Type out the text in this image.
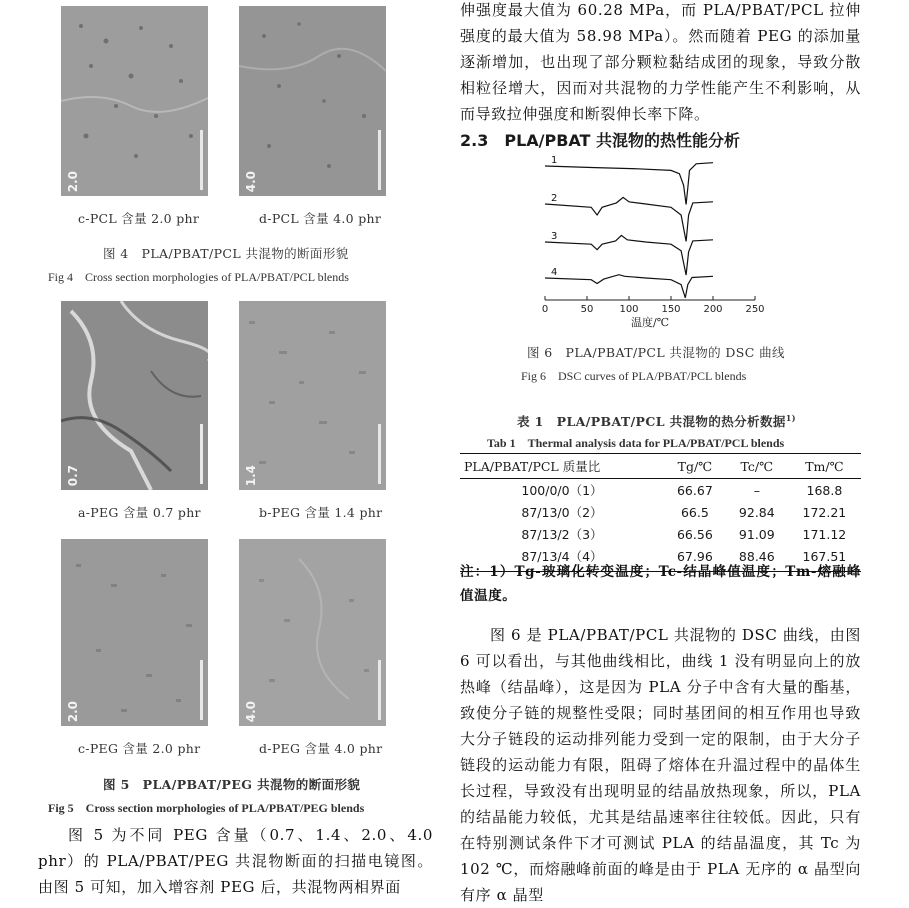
2.0	4.0
c-PCL 含量 2.0 phr	d-PCL 含量 4.0 phr
图 4　PLA/PBAT/PCL 共混物的断面形貌
Fig 4　Cross section morphologies of PLA/PBAT/PCL blends
0.7	1.4
a-PEG 含量 0.7 phr	b-PEG 含量 1.4 phr
2.0	4.0
c-PEG 含量 2.0 phr	d-PEG 含量 4.0 phr
图 5　PLA/PBAT/PEG 共混物的断面形貌
Fig 5　Cross section morphologies of PLA/PBAT/PEG blends
图 5 为不同 PEG 含量（0.7、1.4、2.0、4.0 phr）的 PLA/PBAT/PEG 共混物断面的扫描电镜图。由图 5 可知，加入增容剂 PEG 后，共混物两相界面
伸强度最大值为 60.28 MPa，而 PLA/PBAT/PCL 拉伸强度的最大值为 58.98 MPa）。然而随着 PEG 的添加量逐渐增加，也出现了部分颗粒黏结成团的现象，导致分散相粒径增大，因而对共混物的力学性能产生不利影响，从而导致拉伸强度和断裂伸长率下降。
2.3　PLA/PBAT 共混物的热性能分析
0	50	100 150 200 250
温度/℃
1
2
3
4
图 6　PLA/PBAT/PCL 共混物的 DSC 曲线
Fig 6　DSC curves of PLA/PBAT/PCL blends
表 1　PLA/PBAT/PCL 共混物的热分析数据$^{1)}$
Tab 1　Thermal analysis data for PLA/PBAT/PCL blends
PLA/PBAT/PCL 质量比	Tg/℃	Tc/℃	Tm/℃
100/0/0（1）	66.67	–	168.8
87/13/0（2）	66.5	92.84	172.21
87/13/2（3）	66.56	91.09	171.12
87/13/4（4）	67.96	88.46	167.51
注：1）Tg-玻璃化转变温度；Tc-结晶峰值温度；Tm-熔融峰值温度。
图 6 是 PLA/PBAT/PCL 共混物的 DSC 曲线，由图 6 可以看出，与其他曲线相比，曲线 1 没有明显向上的放热峰（结晶峰），这是因为 PLA 分子中含有大量的酯基，致使分子链的规整性受限；同时基团间的相互作用也导致大分子链段的运动排列能力受到一定的限制，由于大分子链段的运动能力有限，阻碍了熔体在升温过程中的晶体生长过程，导致没有出现明显的结晶放热现象，所以，PLA 的结晶能力较低，尤其是结晶速率往往较低。因此，只有在特别测试条件下才可测试 PLA 的结晶温度，其 Tc 为 102 ℃，而熔融峰前面的峰是由于 PLA 无序的 α 晶型向有序 α 晶型
